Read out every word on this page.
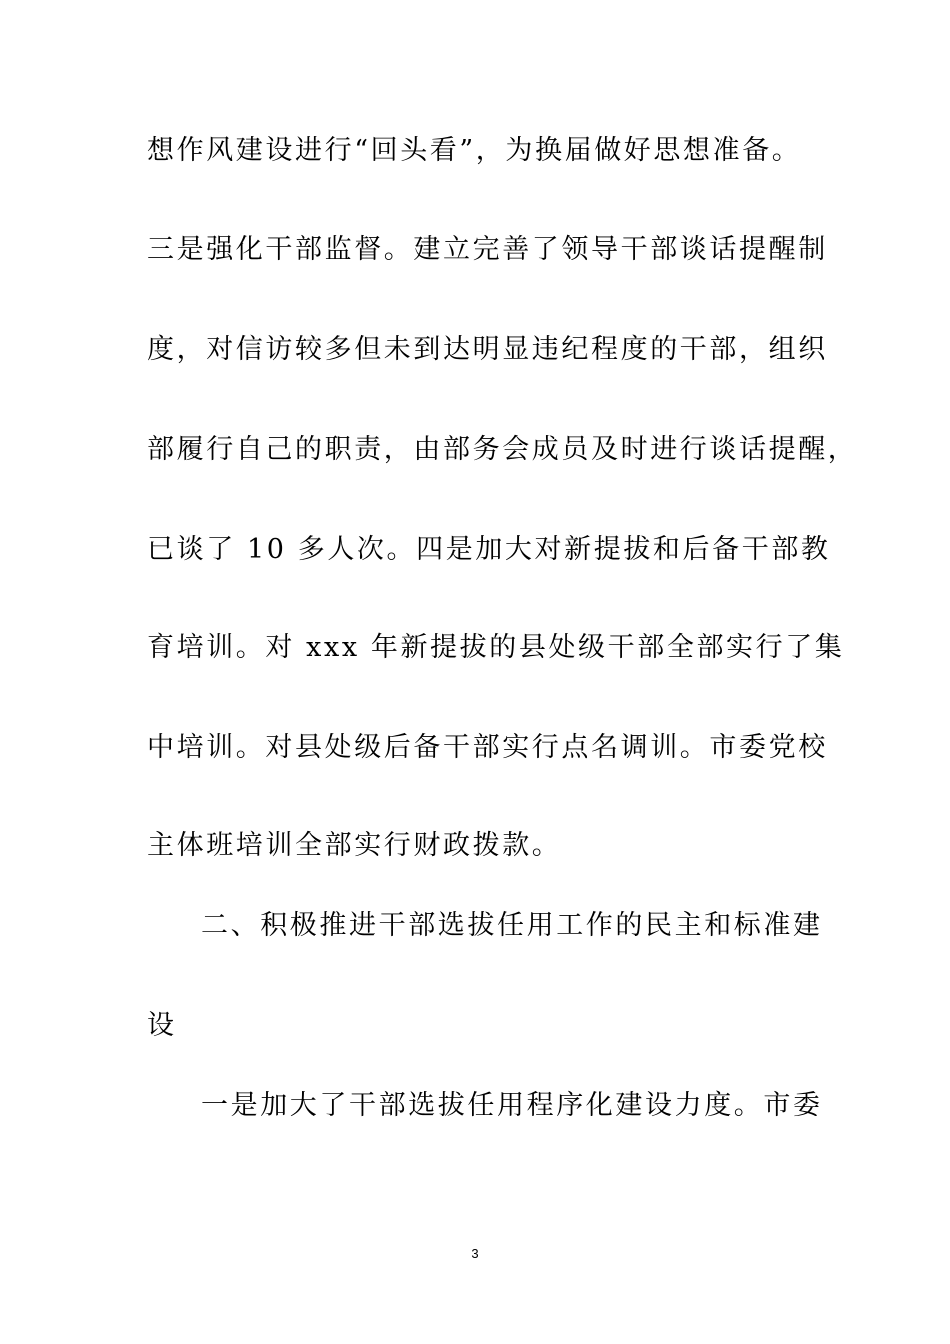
想作风建设进行“回头看”，为换届做好思想准备。
三是强化干部监督。建立完善了领导干部谈话提醒制
度，对信访较多但未到达明显违纪程度的干部，组织
部履行自己的职责，由部务会成员及时进行谈话提醒，
已谈了 10 多人次。四是加大对新提拔和后备干部教
育培训。对 xxx 年新提拔的县处级干部全部实行了集
中培训。对县处级后备干部实行点名调训。市委党校
主体班培训全部实行财政拨款。
二、积极推进干部选拔任用工作的民主和标准建
设
一是加大了干部选拔任用程序化建设力度。市委
3
